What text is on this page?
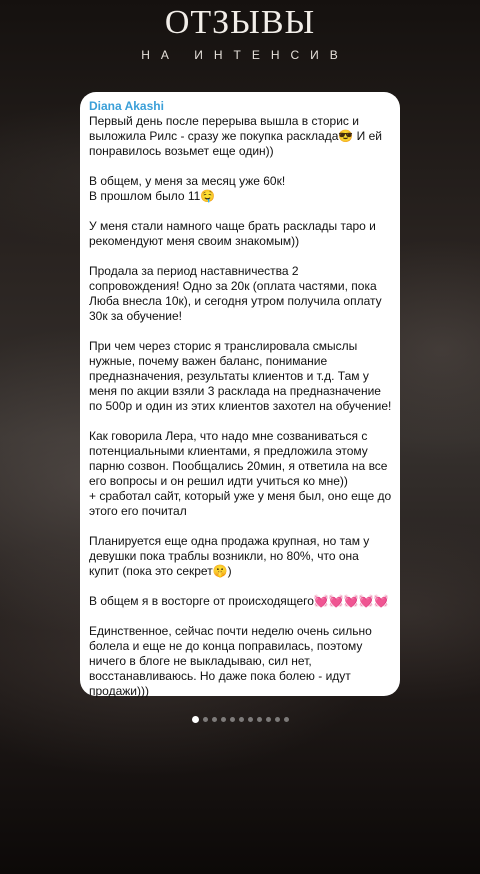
ОТЗЫВЫ
НА ИНТЕНСИВ
Diana Akashi

Первый день после перерыва вышла в сторис и выложила Рилс - сразу же покупка расклада😎 И ей понравилось возьмет еще один))

В общем, у меня за месяц уже 60к!
В прошлом было 11🤤

У меня стали намного чаще брать расклады таро и рекомендуют меня своим знакомым))

Продала за период наставничества 2 сопровождения! Одно за 20к (оплата частями, пока Люба внесла 10к), и сегодня утром получила оплату 30к за обучение!

При чем через сторис я транслировала смыслы нужные, почему важен баланс, понимание предназначения, результаты клиентов и т.д. Там у меня по акции взяли 3 расклада на предназначение по 500р и один из этих клиентов захотел на обучение!

Как говорила Лера, что надо мне созваниваться с потенциальными клиентами, я предложила этому парню созвон. Пообщались 20мин, я ответила на все его вопросы и он решил идти учиться ко мне))
+ сработал сайт, который уже у меня был, оно еще до этого его почитал

Планируется еще одна продажа крупная, но там у девушки пока траблы возникли, но 80%, что она купит (пока это секрет🤫)

В общем я в восторге от происходящего💓💓💓💓💓

Единственное, сейчас почти неделю очень сильно болела и еще не до конца поправилась, поэтому ничего в блоге не выкладываю, сил нет, восстанавливаюсь. Но даже пока болею - идут продажи)))
